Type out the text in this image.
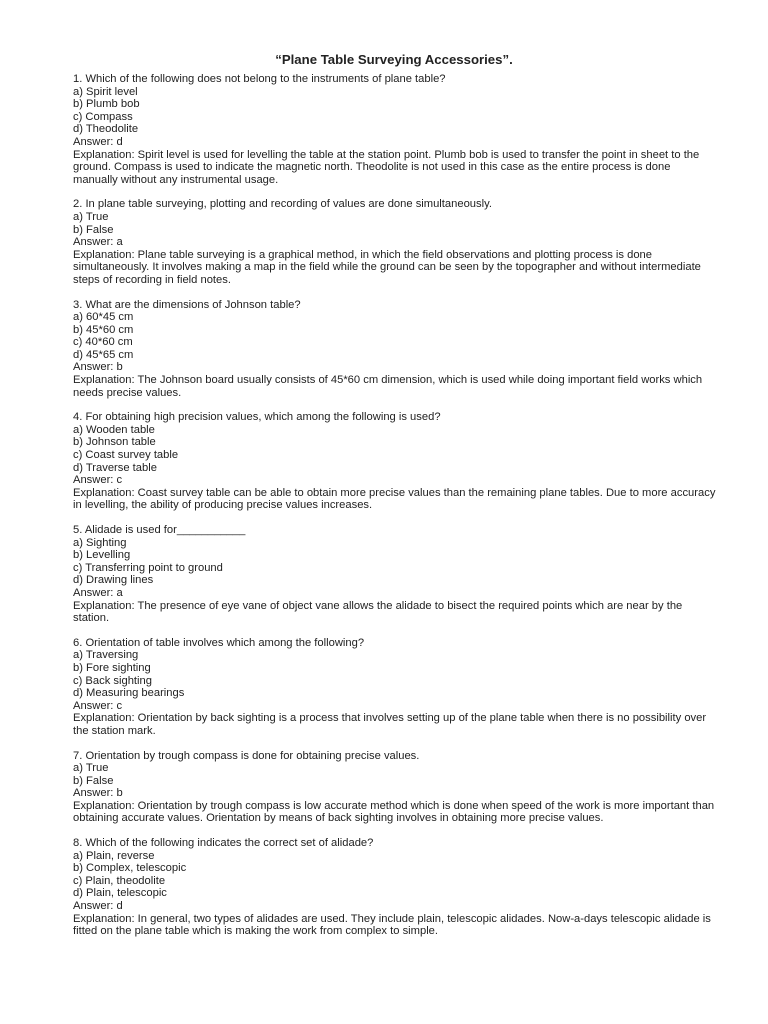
“Plane Table Surveying Accessories”.
1. Which of the following does not belong to the instruments of plane table?
a) Spirit level
b) Plumb bob
c) Compass
d) Theodolite
Answer: d
Explanation: Spirit level is used for levelling the table at the station point. Plumb bob is used to transfer the point in sheet to the ground. Compass is used to indicate the magnetic north. Theodolite is not used in this case as the entire process is done manually without any instrumental usage.
2. In plane table surveying, plotting and recording of values are done simultaneously.
a) True
b) False
Answer: a
Explanation: Plane table surveying is a graphical method, in which the field observations and plotting process is done simultaneously. It involves making a map in the field while the ground can be seen by the topographer and without intermediate steps of recording in field notes.
3. What are the dimensions of Johnson table?
a) 60*45 cm
b) 45*60 cm
c) 40*60 cm
d) 45*65 cm
Answer: b
Explanation: The Johnson board usually consists of 45*60 cm dimension, which is used while doing important field works which needs precise values.
4. For obtaining high precision values, which among the following is used?
a) Wooden table
b) Johnson table
c) Coast survey table
d) Traverse table
Answer: c
Explanation: Coast survey table can be able to obtain more precise values than the remaining plane tables. Due to more accuracy in levelling, the ability of producing precise values increases.
5. Alidade is used for___________
a) Sighting
b) Levelling
c) Transferring point to ground
d) Drawing lines
Answer: a
Explanation: The presence of eye vane of object vane allows the alidade to bisect the required points which are near by the station.
6. Orientation of table involves which among the following?
a) Traversing
b) Fore sighting
c) Back sighting
d) Measuring bearings
Answer: c
Explanation: Orientation by back sighting is a process that involves setting up of the plane table when there is no possibility over the station mark.
7. Orientation by trough compass is done for obtaining precise values.
a) True
b) False
Answer: b
Explanation: Orientation by trough compass is low accurate method which is done when speed of the work is more important than obtaining accurate values. Orientation by means of back sighting involves in obtaining more precise values.
8. Which of the following indicates the correct set of alidade?
a) Plain, reverse
b) Complex, telescopic
c) Plain, theodolite
d) Plain, telescopic
Answer: d
Explanation: In general, two types of alidades are used. They include plain, telescopic alidades. Now-a-days telescopic alidade is fitted on the plane table which is making the work from complex to simple.
